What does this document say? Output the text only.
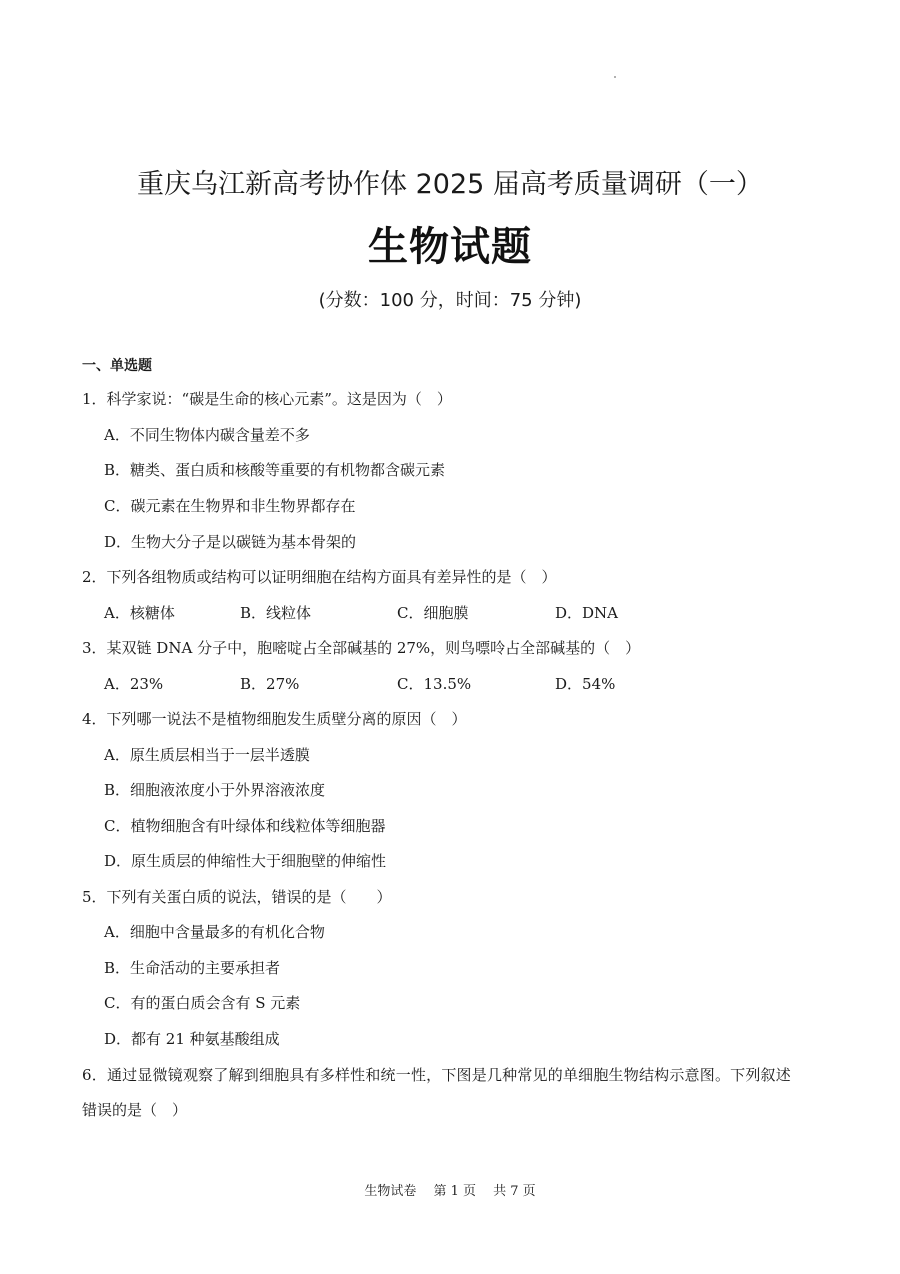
重庆乌江新高考协作体 2025 届高考质量调研（一）
生物试题
(分数：100 分，时间：75 分钟)
一、单选题
1．科学家说：“碳是生命的核心元素”。这是因为（　）
A．不同生物体内碳含量差不多
B．糖类、蛋白质和核酸等重要的有机物都含碳元素
C．碳元素在生物界和非生物界都存在
D．生物大分子是以碳链为基本骨架的
2．下列各组物质或结构可以证明细胞在结构方面具有差异性的是（　）
A．核糖体	B．线粒体	C．细胞膜	D．DNA
3．某双链 DNA 分子中，胞嘧啶占全部碱基的 27%，则鸟嘌呤占全部碱基的（　）
A．23%	B．27%	C．13.5%	D．54%
4．下列哪一说法不是植物细胞发生质壁分离的原因（　）
A．原生质层相当于一层半透膜
B．细胞液浓度小于外界溶液浓度
C．植物细胞含有叶绿体和线粒体等细胞器
D．原生质层的伸缩性大于细胞壁的伸缩性
5．下列有关蛋白质的说法，错误的是（　　）
A．细胞中含量最多的有机化合物
B．生命活动的主要承担者
C．有的蛋白质会含有 S 元素
D．都有 21 种氨基酸组成
6．通过显微镜观察了解到细胞具有多样性和统一性，下图是几种常见的单细胞生物结构示意图。下列叙述
错误的是（　）
生物试卷　 第 1 页　 共 7 页
